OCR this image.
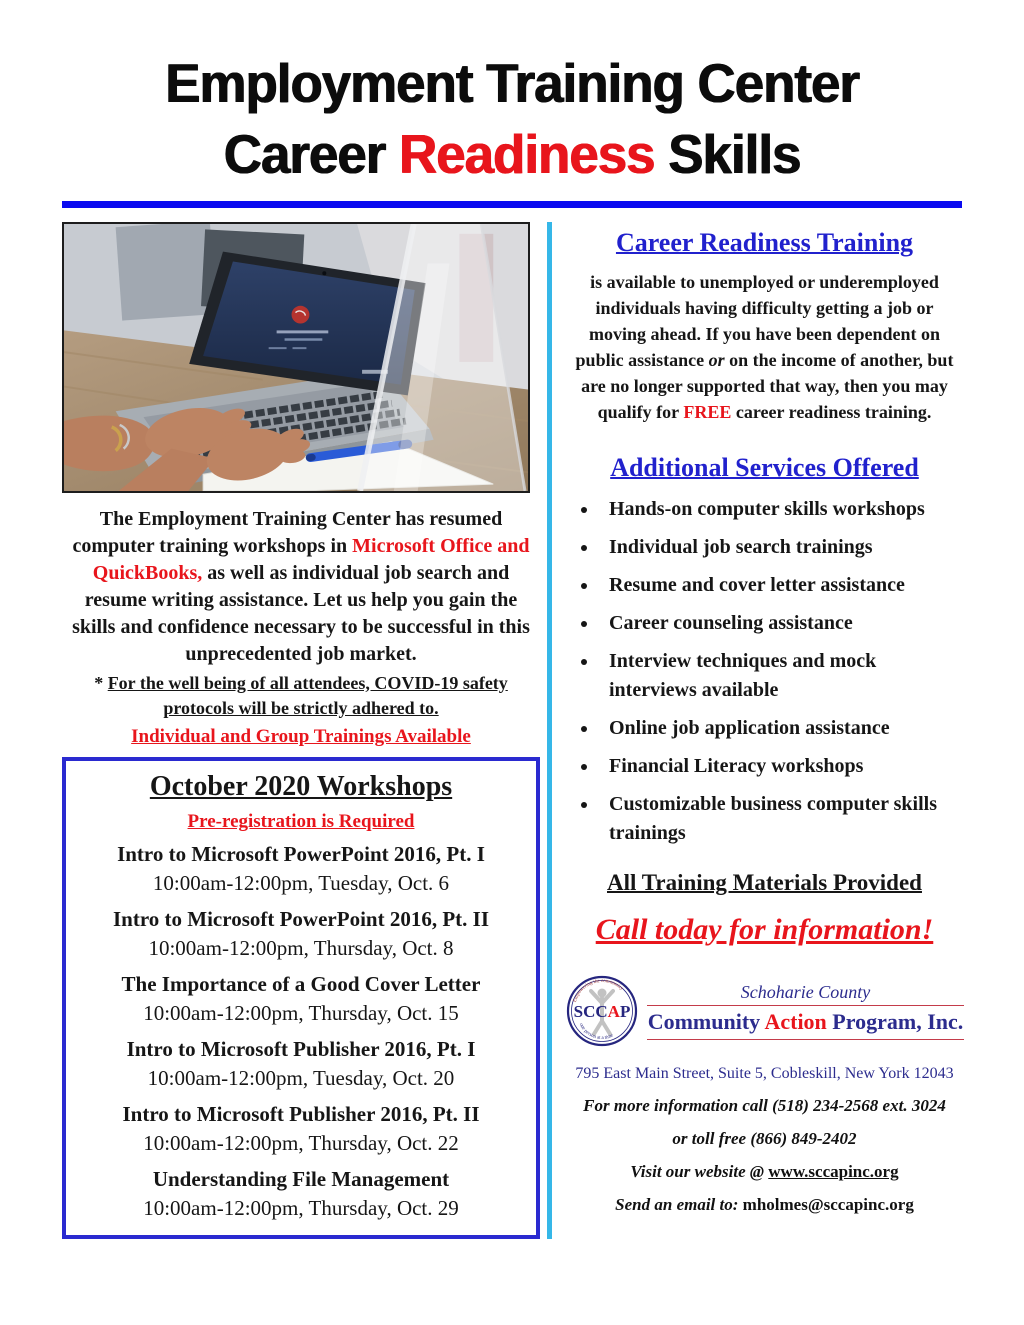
Employment Training Center
Career Readiness Skills
The Employment Training Center has resumed computer training workshops in Microsoft Office and QuickBooks, as well as individual job search and resume writing assistance. Let us help you gain the skills and confidence necessary to be successful in this unprecedented job market.
* For the well being of all attendees, COVID-19 safety protocols will be strictly adhered to.
Individual and Group Trainings Available
October 2020 Workshops
Pre-registration is Required
Intro to Microsoft PowerPoint 2016, Pt. I
10:00am-12:00pm, Tuesday, Oct. 6
Intro to Microsoft PowerPoint 2016, Pt. II
10:00am-12:00pm, Thursday, Oct. 8
The Importance of a Good Cover Letter
10:00am-12:00pm, Thursday, Oct. 15
Intro to Microsoft Publisher 2016, Pt. I
10:00am-12:00pm, Tuesday, Oct. 20
Intro to Microsoft Publisher 2016, Pt. II
10:00am-12:00pm, Thursday, Oct. 22
Understanding File Management
10:00am-12:00pm, Thursday, Oct. 29
Career Readiness Training
is available to unemployed or underemployed individuals having difficulty getting a job or moving ahead. If you have been dependent on public assistance or on the income of another, but are no longer supported that way, then you may qualify for FREE career readiness training.
Additional Services Offered
• Hands-on computer skills workshops
• Individual job search trainings
• Resume and cover letter assistance
• Career counseling assistance
• Interview techniques and mock interviews available
• Online job application assistance
• Financial Literacy workshops
• Customizable business computer skills trainings
All Training Materials Provided
Call today for information!
Empowering the community
one person at a time
SCCAP
Schoharie County
Community Action Program, Inc.
795 East Main Street, Suite 5, Cobleskill, New York 12043
For more information call (518) 234-2568 ext. 3024
or toll free (866) 849-2402
Visit our website @ www.sccapinc.org
Send an email to: mholmes@sccapinc.org
